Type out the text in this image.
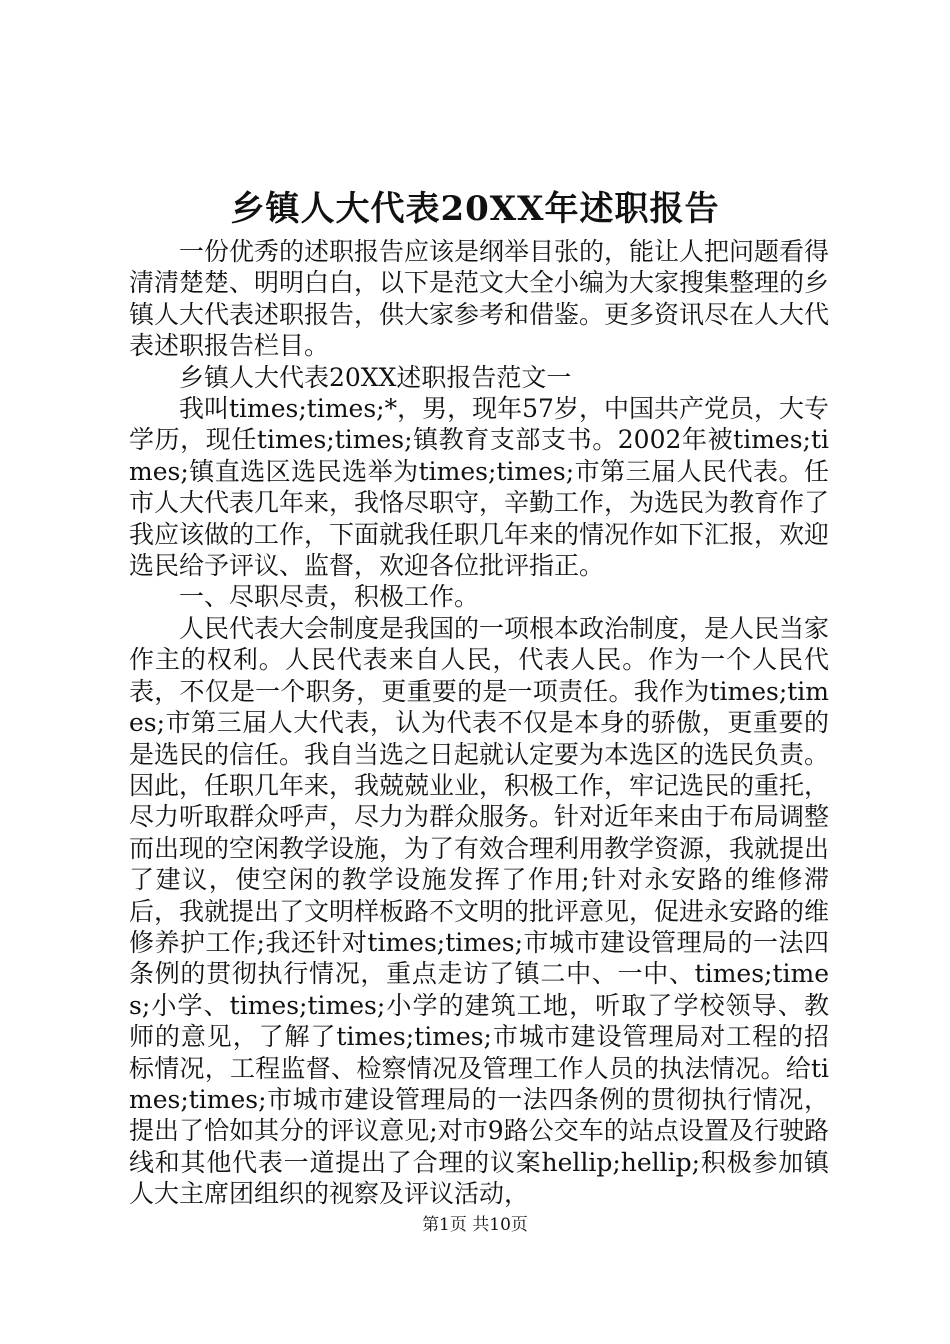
乡镇人大代表20XX年述职报告

一份优秀的述职报告应该是纲举目张的，能让人把问题看得清清楚楚、明明白白，以下是范文大全小编为大家搜集整理的乡镇人大代表述职报告，供大家参考和借鉴。更多资讯尽在人大代表述职报告栏目。

乡镇人大代表20XX述职报告范文一

我叫times;times;*，男，现年57岁，中国共产党员，大专学历，现任times;times;镇教育支部支书。2002年被times;times;镇直选区选民选举为times;times;市第三届人民代表。任市人大代表几年来，我恪尽职守，辛勤工作，为选民为教育作了我应该做的工作，下面就我任职几年来的情况作如下汇报，欢迎选民给予评议、监督，欢迎各位批评指正。

一、尽职尽责，积极工作。

人民代表大会制度是我国的一项根本政治制度，是人民当家作主的权利。人民代表来自人民，代表人民。作为一个人民代表，不仅是一个职务，更重要的是一项责任。我作为times;times;市第三届人大代表，认为代表不仅是本身的骄傲，更重要的是选民的信任。我自当选之日起就认定要为本选区的选民负责。因此，任职几年来，我兢兢业业，积极工作，牢记选民的重托，尽力听取群众呼声，尽力为群众服务。针对近年来由于布局调整而出现的空闲教学设施，为了有效合理利用教学资源，我就提出了建议，使空闲的教学设施发挥了作用;针对永安路的维修滞后，我就提出了文明样板路不文明的批评意见，促进永安路的维修养护工作;我还针对times;times;市城市建设管理局的一法四条例的贯彻执行情况，重点走访了镇二中、一中、times;times;小学、times;times;小学的建筑工地，听取了学校领导、教师的意见，了解了times;times;市城市建设管理局对工程的招标情况，工程监督、检察情况及管理工作人员的执法情况。给times;times;市城市建设管理局的一法四条例的贯彻执行情况，提出了恰如其分的评议意见;对市9路公交车的站点设置及行驶路线和其他代表一道提出了合理的议案hellip;hellip;积极参加镇人大主席团组织的视察及评议活动，

第1页 共10页
